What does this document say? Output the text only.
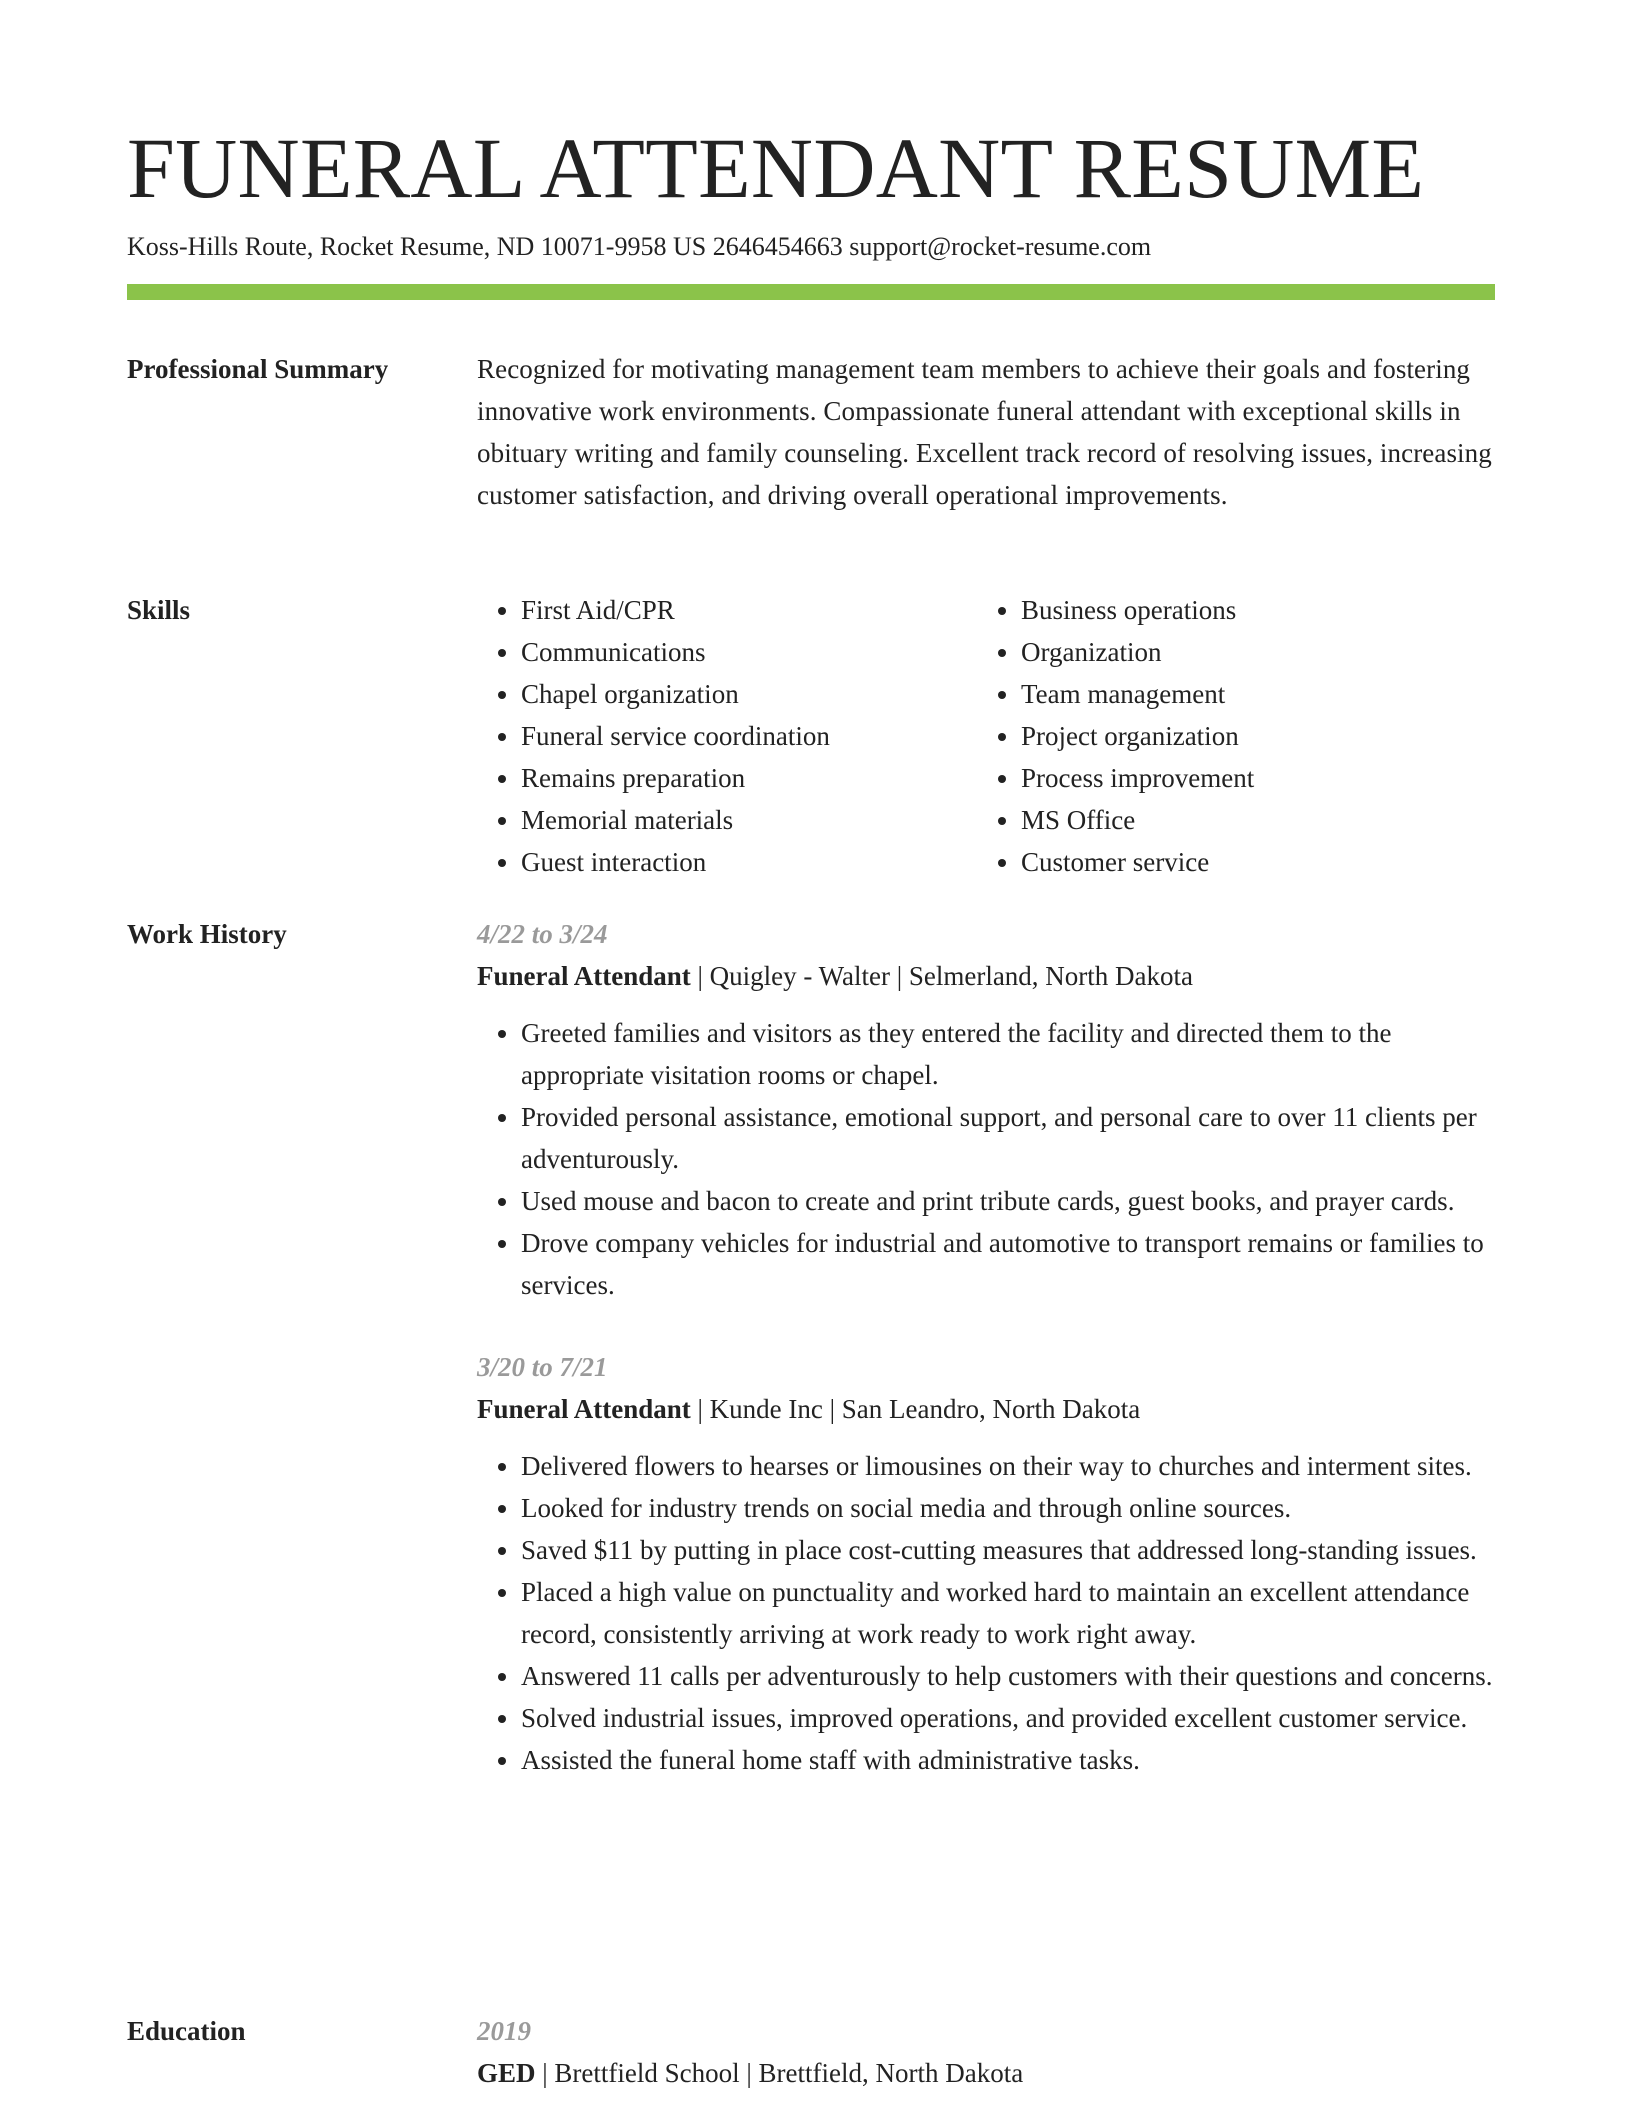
FUNERAL ATTENDANT RESUME
Koss-Hills Route, Rocket Resume, ND 10071-9958 US 2646454663 support@rocket-resume.com
Professional Summary	Recognized for motivating management team members to achieve their goals and fostering innovative work environments. Compassionate funeral attendant with exceptional skills in obituary writing and family counseling. Excellent track record of resolving issues, increasing customer satisfaction, and driving overall operational improvements.

Skills
•	First Aid/CPR
• Communications
• Chapel organization
• Funeral service coordination
• Remains preparation
• Memorial materials
• Guest interaction
• Business operations
• Organization
• Team management
• Project organization
• Process improvement
• MS Office
• Customer service
Work History	4/22 to 3/24
Funeral Attendant | Quigley - Walter | Selmerland, North Dakota
• Greeted families and visitors as they entered the facility and directed them to the appropriate visitation rooms or chapel.
• Provided personal assistance, emotional support, and personal care to over 11 clients per adventurously.
• Used mouse and bacon to create and print tribute cards, guest books, and prayer cards.
• Drove company vehicles for industrial and automotive to transport remains or families to services.
3/20 to 7/21
Funeral Attendant | Kunde Inc | San Leandro, North Dakota
• Delivered flowers to hearses or limousines on their way to churches and interment sites.
• Looked for industry trends on social media and through online sources.
• Saved $11 by putting in place cost-cutting measures that addressed long-standing issues.
• Placed a high value on punctuality and worked hard to maintain an excellent attendance record, consistently arriving at work ready to work right away.
• Answered 11 calls per adventurously to help customers with their questions and concerns.
• Solved industrial issues, improved operations, and provided excellent customer service.
• Assisted the funeral home staff with administrative tasks.
Education	2019
GED | Brettfield School | Brettfield, North Dakota
